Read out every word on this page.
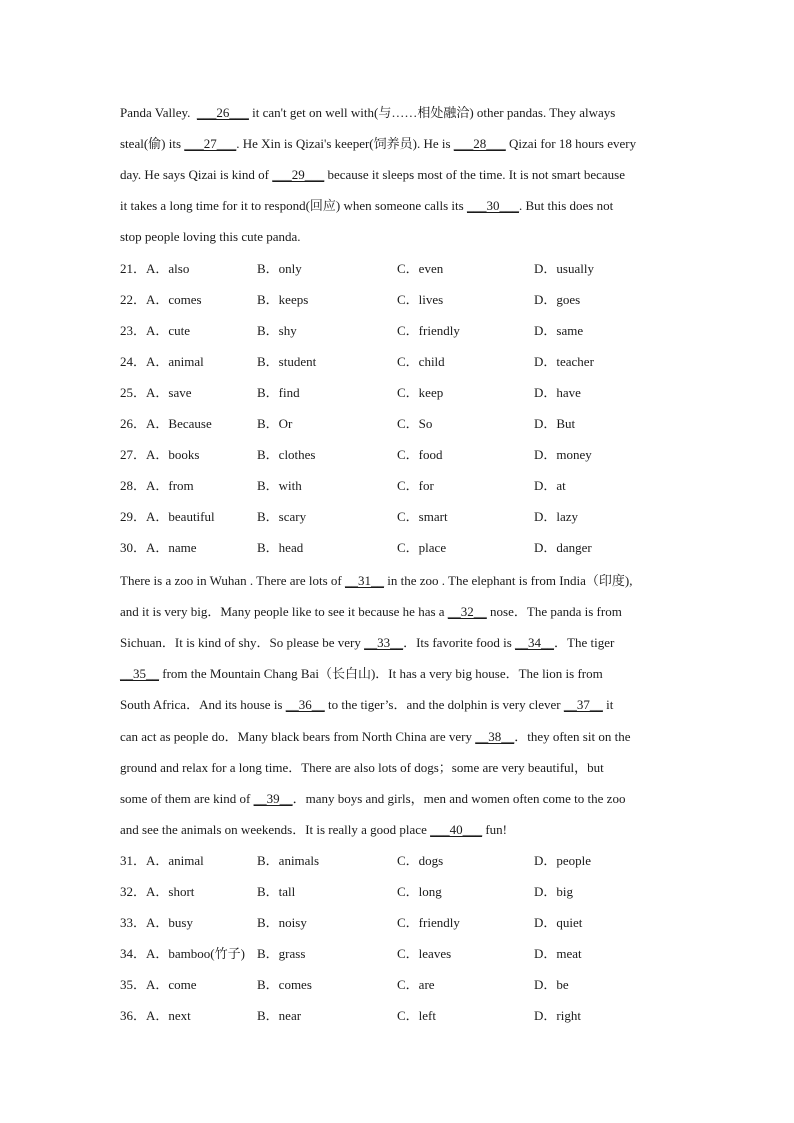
Panda Valley.  ___26___ it can't get on well with(与……相处融洽) other pandas. They always
steal(偷) its ___27___. He Xin is Qizai's keeper(饲养员). He is ___28___ Qizai for 18 hours every
day. He says Qizai is kind of ___29___ because it sleeps most of the time. It is not smart because
it takes a long time for it to respond(回应) when someone calls its ___30___. But this does not
stop people loving this cute panda.
21．A．also	B．only	C．even	D．usually
22．A．comes	B．keeps	C．lives	D．goes
23．A．cute	B．shy	C．friendly	D．same
24．A．animal	B．student	C．child	D．teacher
25．A．save	B．find	C．keep	D．have
26．A．Because	B．Or	C．So	D．But
27．A．books	B．clothes	C．food	D．money
28．A．from	B．with	C．for	D．at
29．A．beautiful	B．scary	C．smart	D．lazy
30．A．name	B．head	C．place	D．danger
There is a zoo in Wuhan . There are lots of __31__ in the zoo . The elephant is from India（印度),
and it is very big．Many people like to see it because he has a __32__ nose．The panda is from
Sichuan．It is kind of shy．So please be very __33__．Its favorite food is __34__．The tiger
__35__ from the Mountain Chang Bai（长白山)．It has a very big house．The lion is from
South Africa．And its house is __36__ to the tiger’s．and the dolphin is very clever __37__ it
can act as people do．Many black bears from North China are very __38__．they often sit on the
ground and relax for a long time．There are also lots of dogs；some are very beautiful，but
some of them are kind of __39__．many boys and girls，men and women often come to the zoo
and see the animals on weekends．It is really a good place ___40___ fun!
31．A．animal	B．animals	C．dogs	D．people
32．A．short	B．tall	C．long	D．big
33．A．busy	B．noisy	C．friendly	D．quiet
34．A．bamboo(竹子) B．grass	C．leaves	D．meat
35．A．come	B．comes	C．are	D．be
36．A．next	B．near	C．left	D．right
